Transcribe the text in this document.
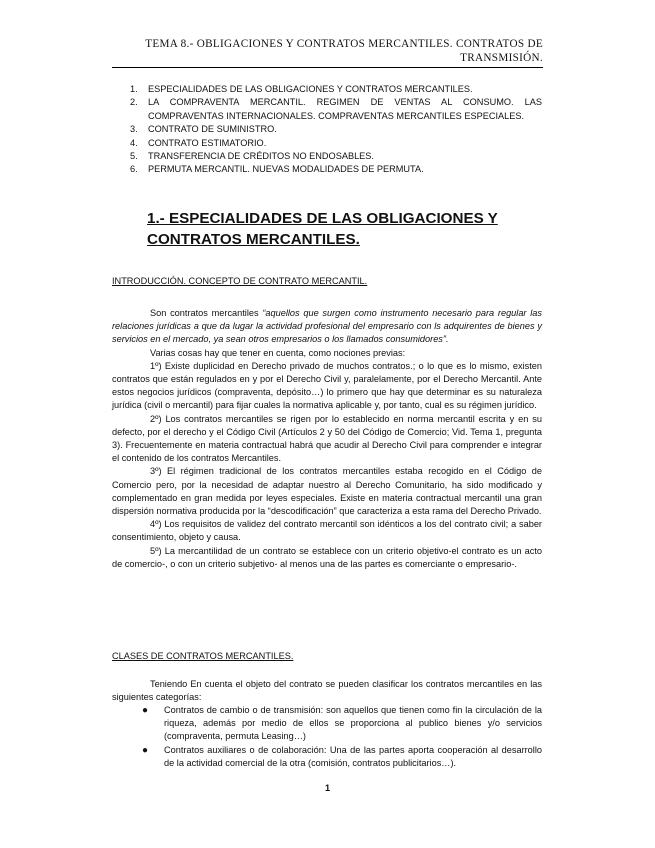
TEMA 8.- OBLIGACIONES Y CONTRATOS MERCANTILES. CONTRATOS DE
TRANSMISIÓN.
1.	ESPECIALIDADES DE LAS OBLIGACIONES Y CONTRATOS MERCANTILES.
2.	LA COMPRAVENTA MERCANTIL. REGIMEN DE VENTAS AL CONSUMO. LAS COMPRAVENTAS INTERNACIONALES. COMPRAVENTAS MERCANTILES ESPECIALES.
3.	CONTRATO DE SUMINISTRO.
4.	CONTRATO ESTIMATORIO.
5.	TRANSFERENCIA DE CRÉDITOS NO ENDOSABLES.
6.	PERMUTA MERCANTIL. NUEVAS MODALIDADES DE PERMUTA.
1.- ESPECIALIDADES DE LAS OBLIGACIONES Y CONTRATOS MERCANTILES.
INTRODUCCIÓN. CONCEPTO DE CONTRATO MERCANTIL.

Son contratos mercantiles “aquellos que surgen como instrumento necesario para regular las relaciones jurídicas a que da lugar la actividad profesional del empresario con ls adquirentes de bienes y servicios en el mercado, ya sean otros empresarios o los llamados consumidores”.

Varias cosas hay que tener en cuenta, como nociones previas:

1º) Existe duplicidad en Derecho privado de muchos contratos.; o lo que es lo mismo, existen contratos que están regulados en y por el Derecho Civil y, paralelamente, por el Derecho Mercantil. Ante estos negocios jurídicos (compraventa, depósito…) lo primero que hay que determinar es su naturaleza jurídica (civil o mercantil) para fijar cuales la normativa aplicable y, por tanto, cual es su régimen jurídico.

2º) Los contratos mercantiles se rigen por lo establecido en norma mercantil escrita y en su defecto, por el derecho y el Código Civil (Artículos 2 y 50 del Código de Comercio; Vid. Tema 1, pregunta 3). Frecuentemente en materia contractual habrá que acudir al Derecho Civil para comprender e integrar el contenido de los contratos Mercantiles.

3º) El régimen tradicional de los contratos mercantiles estaba recogido en el Código de Comercio pero, por la necesidad de adaptar nuestro al Derecho Comunitario, ha sido modificado y complementado en gran medida por leyes especiales. Existe en materia contractual mercantil una gran dispersión normativa producida por la “descodificación” que caracteriza a esta rama del Derecho Privado.

4º) Los requisitos de validez del contrato mercantil son idénticos a los del contrato civil; a saber consentimiento, objeto y causa.

5º) La mercantilidad de un contrato se establece con un criterio objetivo-el contrato es un acto de comercio-, o con un criterio subjetivo- al menos una de las partes es comerciante o empresario-.

CLASES DE CONTRATOS MERCANTILES.

Teniendo En cuenta el objeto del contrato se pueden clasificar los contratos mercantiles en las siguientes categorías:

●	Contratos de cambio o de transmisión: son aquellos que tienen como fin la circulación de la riqueza, además por medio de ellos se proporciona al publico bienes y/o servicios (compraventa, permuta Leasing…)
●	Contratos auxiliares o de colaboración: Una de las partes aporta cooperación al desarrollo de la actividad comercial de la otra (comisión, contratos publicitarios…).
1
